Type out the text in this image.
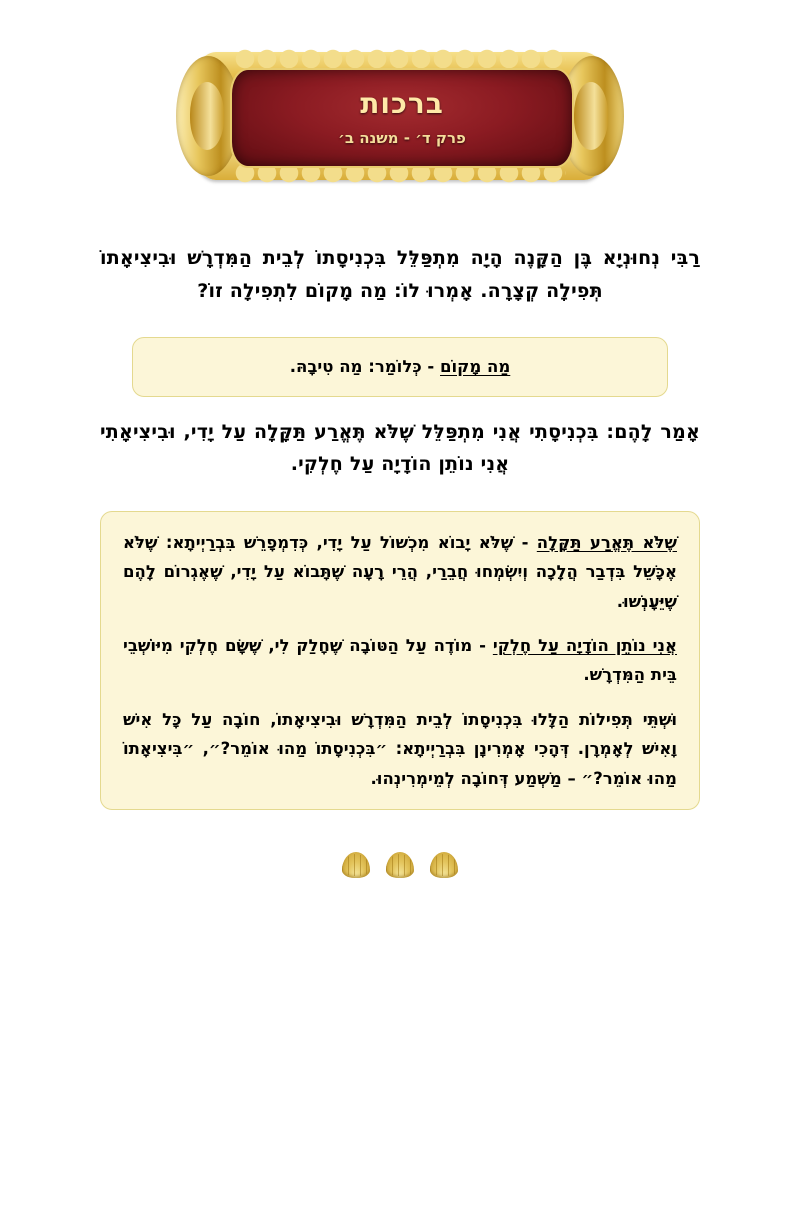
ברכות
פרק ד׳ - משנה ב׳

רַבִּי נְחוּנְיָא בֶּן הַקָּנֶה הָיָה מִתְפַּלֵּל בִּכְנִיסָתוֹ לְבֵית הַמִּדְרָשׁ וּבִיצִיאָתוֹ תְּפִילָה קְצָרָה. אָמְרוּ לוֹ: מַה מָקוֹם לִתְפִילָה זוֹ?

מַה מָקוֹם - כְּלוֹמַר: מַה טִיבָהּ.

אָמַר לָהֶם: בִּכְנִיסָתִי אֲנִי מִתְפַּלֵּל שֶׁלֹּא תֶּאֱרַע תַּקָּלָה עַל יָדִי, וּבִיצִיאָתִי אֲנִי נוֹתֵן הוֹדָיָה עַל חֶלְקִי.

שֶׁלֹּא תֶּאֱרַע תַּקָּלָה - שֶׁלֹּא יָבוֹא מִכְשׁוֹל עַל יָדִי, כְּדִמְפָרֵשׁ בִּבְרַיְיתָא: שֶׁלֹּא אֶכָּשֵׁל בִּדְבַר הֲלָכָה וְיִשְׂמְחוּ חֲבֵרַי, הֲרֵי רָעָה שֶׁתָּבוֹא עַל יָדִי, שֶׁאֶגְרוֹם לָהֶם שֶׁיֵּעָנְשׁוּ.

אֲנִי נוֹתֵן הוֹדָיָה עַל חֶלְקִי - מוֹדֶה עַל הַטּוֹבָה שֶׁחָלַק לִי, שֶׁשָּׂם חֶלְקִי מִיּוֹשְׁבֵי בֵּית הַמִּדְרָשׁ.

וּשְׁתֵּי תְּפִילוֹת הַלָּלוּ בִּכְנִיסָתוֹ לְבֵית הַמִּדְרָשׁ וּבִיצִיאָתוֹ, חוֹבָה עַל כָּל אִישׁ וָאִישׁ לְאָמְרָן. דְּהָכִי אָמְרִינָן בִּבְרַיְיתָא: ״בִּכְנִיסָתוֹ מַהוּ אוֹמֵר?״, ״בִּיצִיאָתוֹ מַהוּ אוֹמֵר?״ – מַשְׁמַע דְּחוֹבָה לְמֵימְרִינְהוּ.
